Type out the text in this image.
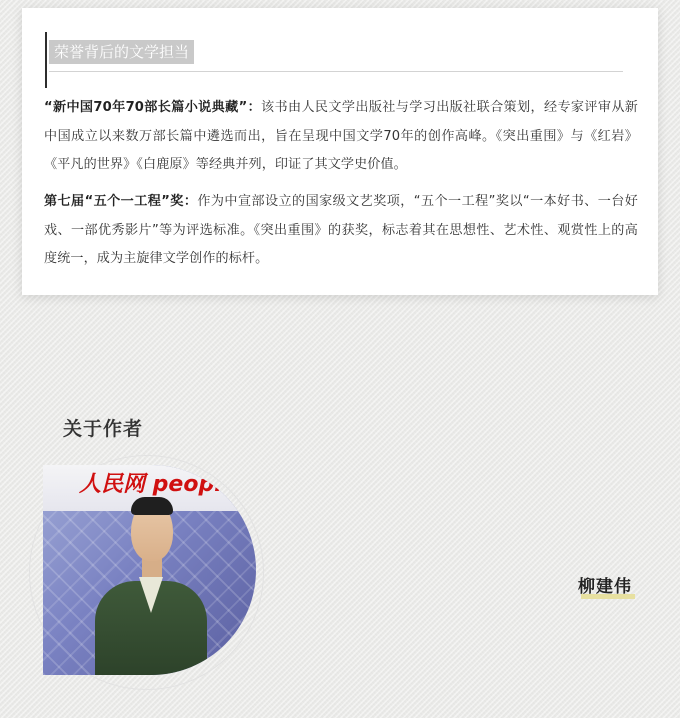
荣誉背后的文学担当

“新中国70年70部长篇小说典藏”：该书由人民文学出版社与学习出版社联合策划，经专家评审从新中国成立以来数万部长篇中遴选而出，旨在呈现中国文学70年的创作高峰。《突出重围》与《红岩》《平凡的世界》《白鹿原》等经典并列，印证了其文学史价值。

第七届“五个一工程”奖：作为中宣部设立的国家级文艺奖项，“五个一工程”奖以“一本好书、一台好戏、一部优秀影片”等为评选标准。《突出重围》的获奖，标志着其在思想性、艺术性、观赏性上的高度统一，成为主旋律文学创作的标杆。

关于作者
人民网 people
柳建伟
